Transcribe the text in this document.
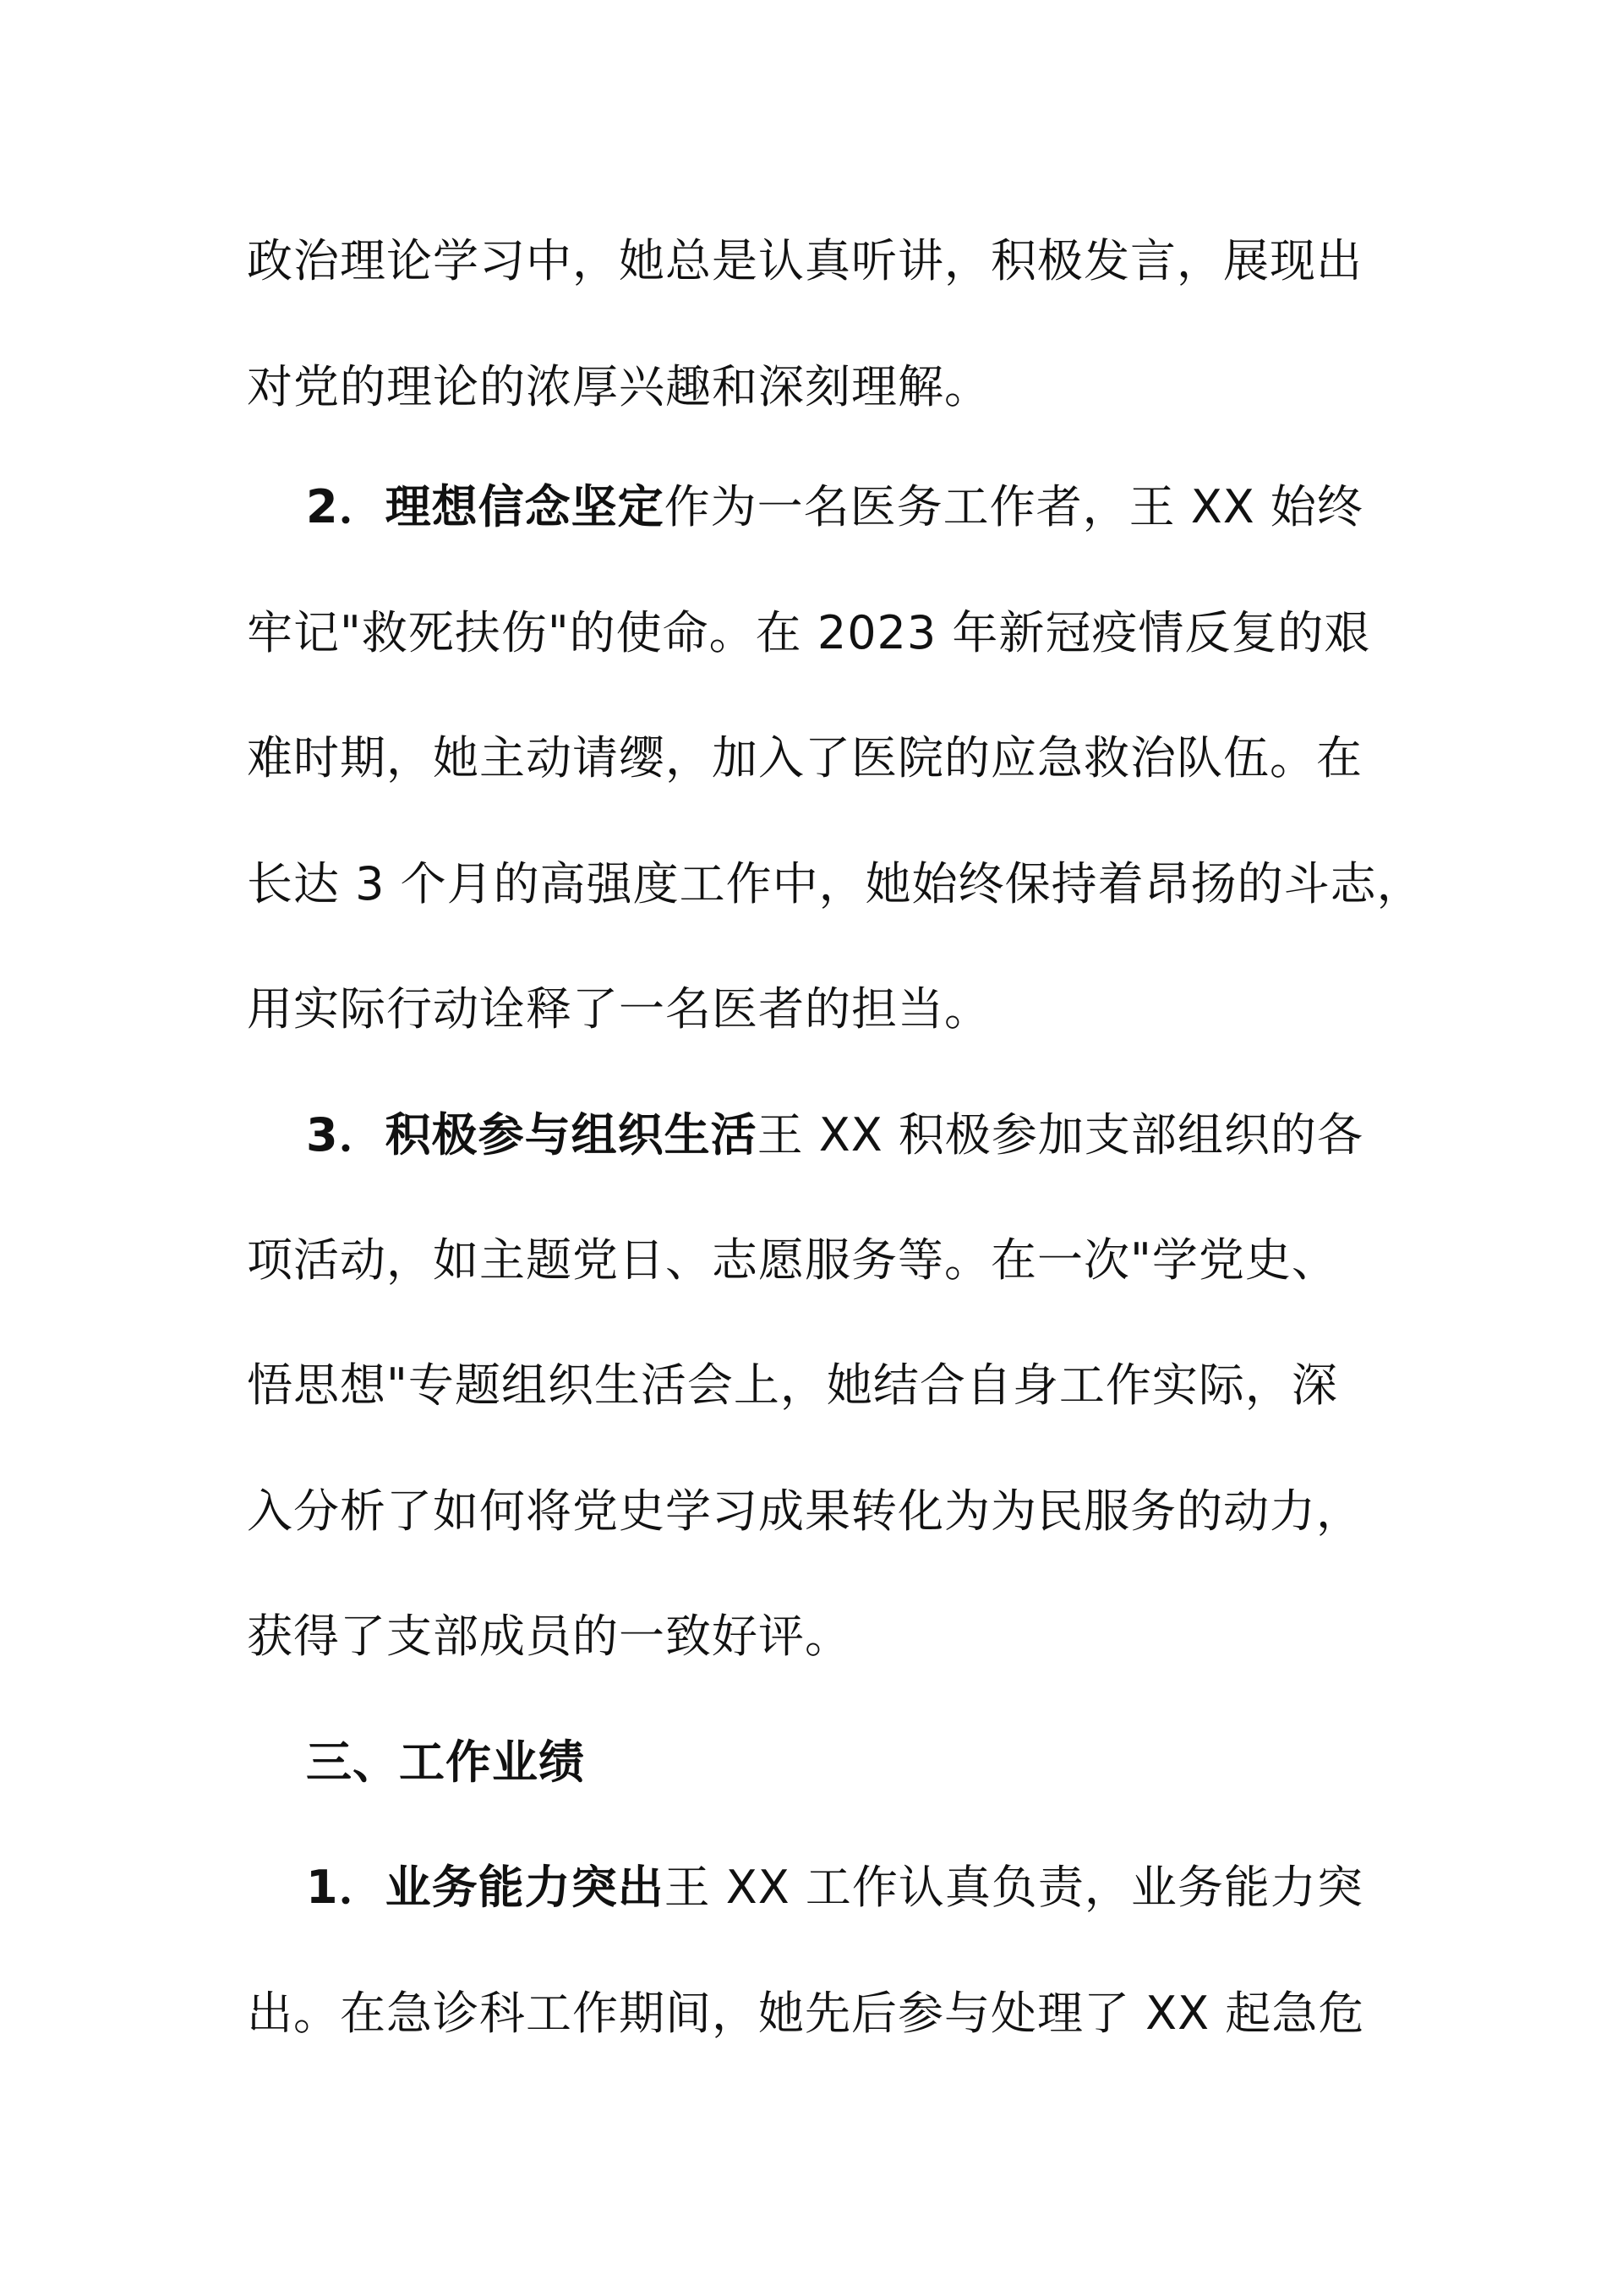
政治理论学习中，她总是认真听讲，积极发言，展现出
对党的理论的浓厚兴趣和深刻理解。
2．理想信念坚定作为一名医务工作者，王 XX 始终
牢记"救死扶伤"的使命。在 2023 年新冠疫情反复的艰
难时期，她主动请缨，加入了医院的应急救治队伍。在
长达 3 个月的高强度工作中，她始终保持着昂扬的斗志，
用实际行动诠释了一名医者的担当。
3．积极参与组织生活王 XX 积极参加支部组织的各
项活动，如主题党日、志愿服务等。在一次"学党史、
悟思想"专题组织生活会上，她结合自身工作实际，深
入分析了如何将党史学习成果转化为为民服务的动力，
获得了支部成员的一致好评。
三、工作业绩
1．业务能力突出王 XX 工作认真负责，业务能力突
出。在急诊科工作期间，她先后参与处理了 XX 起急危
